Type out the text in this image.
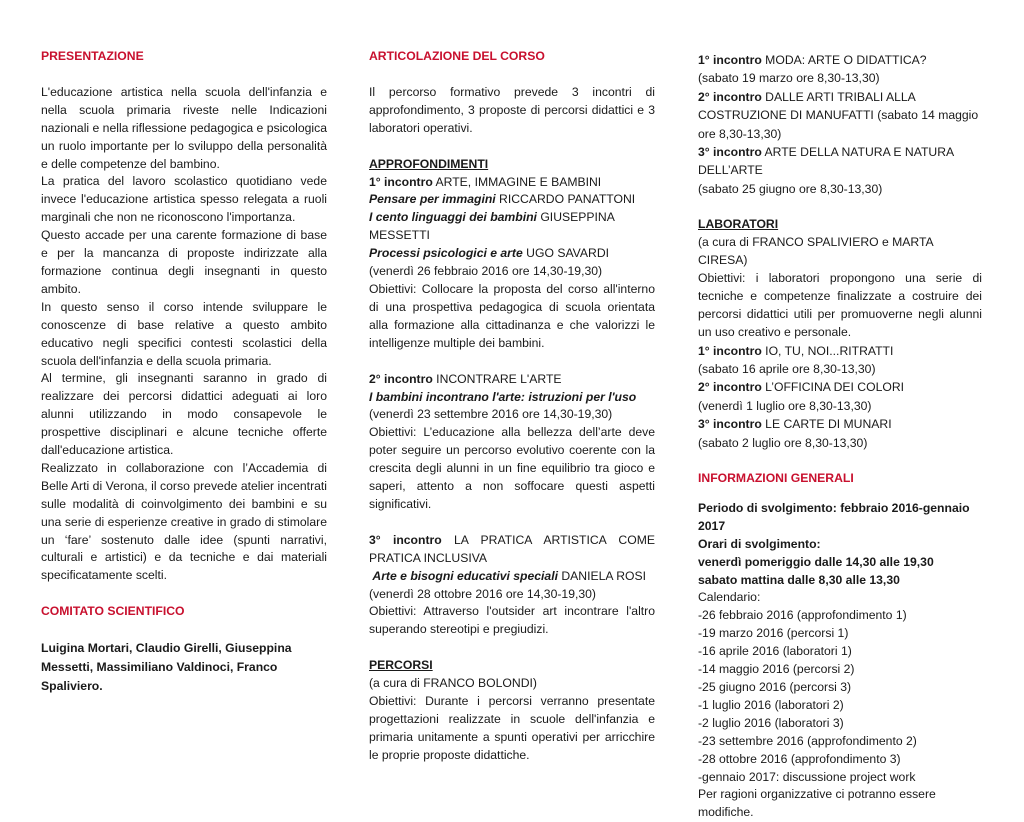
PRESENTAZIONE

L'educazione artistica nella scuola dell'infanzia e nella scuola primaria riveste nelle Indicazioni nazionali e nella riflessione pedagogica e psicologica un ruolo importante per lo sviluppo della personalità e delle competenze del bambino.

La pratica del lavoro scolastico quotidiano vede invece l'educazione artistica spesso relegata a ruoli marginali che non ne riconoscono l'importanza.

Questo accade per una carente formazione di base e per la mancanza di proposte indirizzate alla formazione continua degli insegnanti in questo ambito.

In questo senso il corso intende sviluppare le conoscenze di base relative a questo ambito educativo negli specifici contesti scolastici della scuola dell'infanzia e della scuola primaria.

Al termine, gli insegnanti saranno in grado di realizzare dei percorsi didattici adeguati ai loro alunni utilizzando in modo consapevole le prospettive disciplinari e alcune tecniche offerte dall'educazione artistica.

Realizzato in collaborazione con l’Accademia di Belle Arti di Verona, il corso prevede atelier incentrati sulle modalità di coinvolgimento dei bambini e su una serie di esperienze creative in grado di stimolare un ‘fare’ sostenuto dalle idee (spunti narrativi, culturali e artistici) e da tecniche e dai materiali specificatamente scelti.

COMITATO SCIENTIFICO

Luigina Mortari, Claudio Girelli, Giuseppina Messetti, Massimiliano Valdinoci, Franco Spaliviero.

ARTICOLAZIONE DEL CORSO

Il percorso formativo prevede 3 incontri di approfondimento, 3 proposte di percorsi didattici e 3 laboratori operativi.

APPROFONDIMENTI

1° incontro ARTE, IMMAGINE E BAMBINI

Pensare per immagini RICCARDO PANATTONI

I cento linguaggi dei bambini GIUSEPPINA MESSETTI

Processi psicologici e arte UGO SAVARDI

(venerdì 26 febbraio 2016 ore 14,30-19,30)

Obiettivi: Collocare la proposta del corso all'interno di una prospettiva pedagogica di scuola orientata alla formazione alla cittadinanza e che valorizzi le intelligenze multiple dei bambini.

2° incontro INCONTRARE L'ARTE

I bambini incontrano l'arte: istruzioni per l'uso

(venerdì 23 settembre 2016 ore 14,30-19,30)

Obiettivi: L’educazione alla bellezza dell’arte deve poter seguire un percorso evolutivo coerente con la crescita degli alunni in un fine equilibrio tra gioco e saperi, attento a non soffocare questi aspetti significativi.

3° incontro LA PRATICA ARTISTICA COME PRATICA INCLUSIVA

Arte e bisogni educativi speciali DANIELA ROSI

(venerdì 28 ottobre 2016 ore 14,30-19,30)

Obiettivi: Attraverso l'outsider art incontrare l'altro superando stereotipi e pregiudizi.

PERCORSI

(a cura di FRANCO BOLONDI)

Obiettivi: Durante i percorsi verranno presentate progettazioni realizzate in scuole dell'infanzia e primaria unitamente a spunti operativi per arricchire le proprie proposte didattiche.

1° incontro MODA: ARTE O DIDATTICA?

(sabato 19 marzo ore 8,30-13,30)

2° incontro DALLE ARTI TRIBALI ALLA COSTRUZIONE DI MANUFATTI (sabato 14 maggio ore 8,30-13,30)

3° incontro ARTE DELLA NATURA E NATURA DELL’ARTE

(sabato 25 giugno ore 8,30-13,30)

LABORATORI

(a cura di FRANCO SPALIVIERO e MARTA CIRESA)

Obiettivi: i laboratori propongono una serie di tecniche e competenze finalizzate a costruire dei percorsi didattici utili per promuoverne negli alunni un uso creativo e personale.

1° incontro IO, TU, NOI...RITRATTI

(sabato 16 aprile ore 8,30-13,30)

2° incontro L’OFFICINA DEI COLORI

(venerdì 1 luglio ore 8,30-13,30)

3° incontro LE CARTE DI MUNARI

(sabato 2 luglio ore 8,30-13,30)

INFORMAZIONI GENERALI

Periodo di svolgimento: febbraio 2016-gennaio 2017

Orari di svolgimento:

venerdì pomeriggio dalle 14,30 alle 19,30

sabato mattina dalle 8,30 alle 13,30

Calendario:

-26 febbraio 2016 (approfondimento 1)

-19 marzo 2016 (percorsi 1)

-16 aprile 2016 (laboratori 1)

-14 maggio 2016 (percorsi 2)

-25 giugno 2016 (percorsi 3)

-1 luglio 2016 (laboratori 2)

-2 luglio 2016 (laboratori 3)

-23 settembre 2016 (approfondimento 2)

-28 ottobre 2016 (approfondimento 3)

-gennaio 2017: discussione project work

Per ragioni organizzative ci potranno essere modifiche.
